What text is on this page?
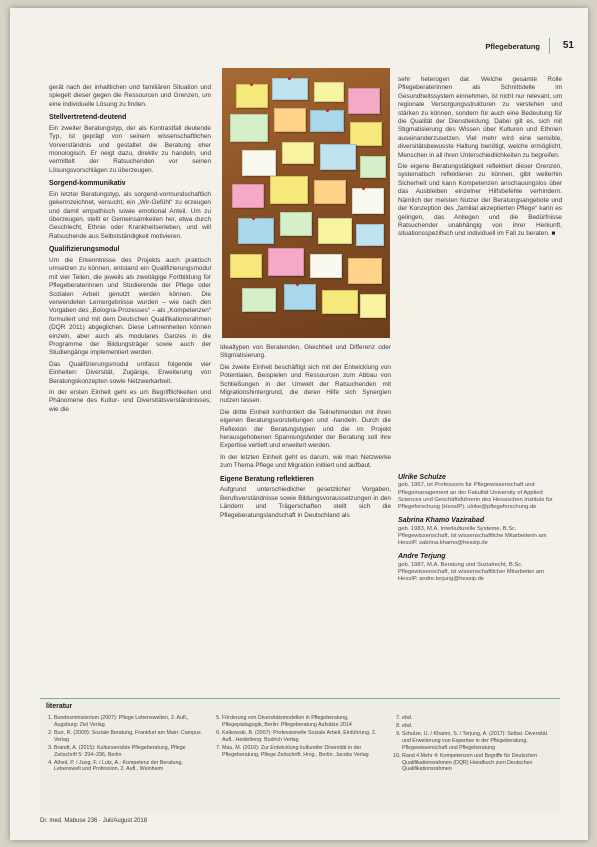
Pflegeberatung 51

gerät nach der inhaltlichen und familiären Situation und spiegelt dieser gegen die Ressourcen und Grenzen, um eine individuelle Lösung zu finden.

Stellvertretend-deutend

Ein zweiter Beratungstyp, der als Kontrastfall deutende Typ, ist geprägt von seinem wissenschaftlichen Vorverständnis und gestaltet die Beratung eher monologisch. Er neigt dazu, direktiv zu handeln, und vermittelt der Ratsuchenden vor seinen Lösungsvorschlägen zu überzeugen.

Sorgend-kommunikativ

Ein letzter Beratungstyp, als sorgend-vormundschaftlich gekennzeichnet, versucht, ein „Wir-Gefühl“ zu erzeugen und damit empathisch sowie emotional Anteil. Um zu überzeugen, stellt er Gemeinsamkeiten her, etwa durch Geschlecht, Ethnie oder Krankheitserleben, und will Ratsuchende aus Selbstständigkeit motivieren.

Qualifizierungsmodul

Um die Erkenntnisse des Projekts auch praktisch umsetzen zu können, entstand ein Qualifizierungsmodul mit vier Teilen, die jeweils als zweitägige Fortbildung für Pflegeberaterinnen und Studierende der Pflege oder Sozialen Arbeit genutzt werden können. Die verwendeten Lernergebnisse wurden – wie nach den Vorgaben des „Bologna-Prozesses“ – als „Kompetenzen“ formuliert und mit dem Deutschen Qualifikationsrahmen (DQR 2011) abgeglichen. Diese Lehreinheiten können einzeln, aber auch als modulares Ganzes in die Programme der Bildungsträger sowie auch der Studiengänge implementiert werden.

Das Qualifizierungsmodul umfasst folgende vier Einheiten: Diversität, Zugänge, Erweiterung von Beratungskonzepten sowie Netzwerkarbeit.

In der ersten Einheit geht es um Begrifflichkeiten und Phänomene des Kultur- und Diversitätsverständnisses, wie die

Idealtypen von Beratenden, Gleichheit und Differenz oder Stigmatisierung.

Die zweite Einheit beschäftigt sich mit der Entwicklung von Potentialen, Beispielen und Ressourcen zum Abbau von Schließungen in der Umwelt der Ratsuchenden mit Migrationshintergrund, die deren Hilfe sich Synergien nutzen lassen.

Die dritte Einheit konfrontiert die Teilnehmenden mit ihren eigenen Beratungsvorstellungen und -handeln. Durch die Reflexion der Beratungstypen und die im Projekt herausgehobenen Spannungsfelder der Beratung soll ihre Expertise vertieft und erweitert werden.

In der letzten Einheit geht es darum, wie man Netzwerke zum Thema Pflege und Migration initiiert und aufbaut.

Eigene Beratung reflektieren

Aufgrund unterschiedlicher gesetzlicher Vorgaben, Berufsverständnisse sowie Bildungsvoraussetzungen in den Ländern und Trägerschaften stellt sich die Pflegeberatungslandschaft in Deutschland als

sehr heterogen dar. Welche gesamte Rolle Pflegeberaterinnen als Schnittstelle im Gesundheitssystem einnehmen, ist nicht nur relevant, um regionale Versorgungsstrukturen zu verstehen und stärken zu können, sondern für auch eine Bedeutung für die Qualität der Dienstleistung. Dabei gilt es, sich mit Stigmatisierung des Wissen über Kulturen und Ethnien auseinanderzusetzen. Viel mehr wird eine sensible, diversitätsbewusste Haltung benötigt, welche ermöglicht, Menschen in all ihren Unterschiedlichkeiten zu begreifen.

Die eigene Beratungstätigkeit reflektiert dieser Grenzen, systematisch reflektieren zu können, gibt weiterhin Sicherheit und kann Kompetenzen anschauungslos über das Ausbleiben einzelner Hilfsbefehle verhindern. Nämlich der meisten Nutzer der Beratungsangebote und der Konzeption des „familial akzeptierten Pflege“ kann es gelingen, das Anliegen und die Bedürfnisse Ratsuchender unabhängig von ihrer Herkunft, situationsspezifisch und individuell im Fall zu beraten. ■

Ulrike Schulze
geb. 1967, ist Professorin für Pflegewissenschaft und Pflegemanagement an der Fakultät University of Applied Sciences und Geschäftsführerin des Hessischen Instituts für Pflegeforschung (HessIP). ulrike@pflegeforschung.de
Sabrina Khamo Vazirabad
geb. 1983, M.A. Interkulturelle Systeme, B.Sc. Pflegewissenschaft, ist wissenschaftliche Mitarbeiterin am HessIP. sabrina.khamo@hessip.de
Andre Terjung
geb. 1987, M.A. Beratung und Sozialrecht, B.Sc. Pflegewissenschaft, ist wissenschaftlicher Mitarbeiter am HessIP. andre.terjung@hessip.de
literatur
1. Bundesministerium (2007): Pflege Lebenswelten, 2. Aufl., Augsburg: Ziel Verlag
2. Burr, R. (2009): Soziale Beratung, Frankfurt am Main: Campus Verlag
3. Brandt, A. (2015): Kultursensible Pflegeberatung, Pflege Zeitschrift 5: 294–296, Berlin
4. Alheit, P. / Jung, F. / Lutz, A.: Kompetenz der Beratung, Lebenswelt und Profession, 2. Aufl., Weinheim
5. Förderung von Diversitätsmodellen in Pflegeberatung, Pflegepädagogik, Berlin: Pflegeberatung Aufsätze 2014
6. Kalkowski, B. (2007): Professionelle Soziale Arbeit, Einführung, 2. Aufl., Heidelberg: Budrich Verlag
7. Mau, M. (2016): Zur Entwicklung kultureller Diversität in der Pflegeberatung, Pflege Zeitschrift, Hrsg., Berlin: Jacobs Verlag
7. ebd.
8. ebd.
9. Schulze, U. / Khamo, S. / Terjung, A. (2017): Selbst. Diversität und Erweiterung von Expertise in der Pflegeberatung, Pflegewissenschaft und Pflegeberatung
10. Rand 4 Mehr 4: Kompetenzen und Begriffe für Deutschen Qualifikationsrahmen (DQR) Handbuch zum Deutschen Qualifikationsrahmen
Dr. med. Mabuse 236 · Juli/August 2018
